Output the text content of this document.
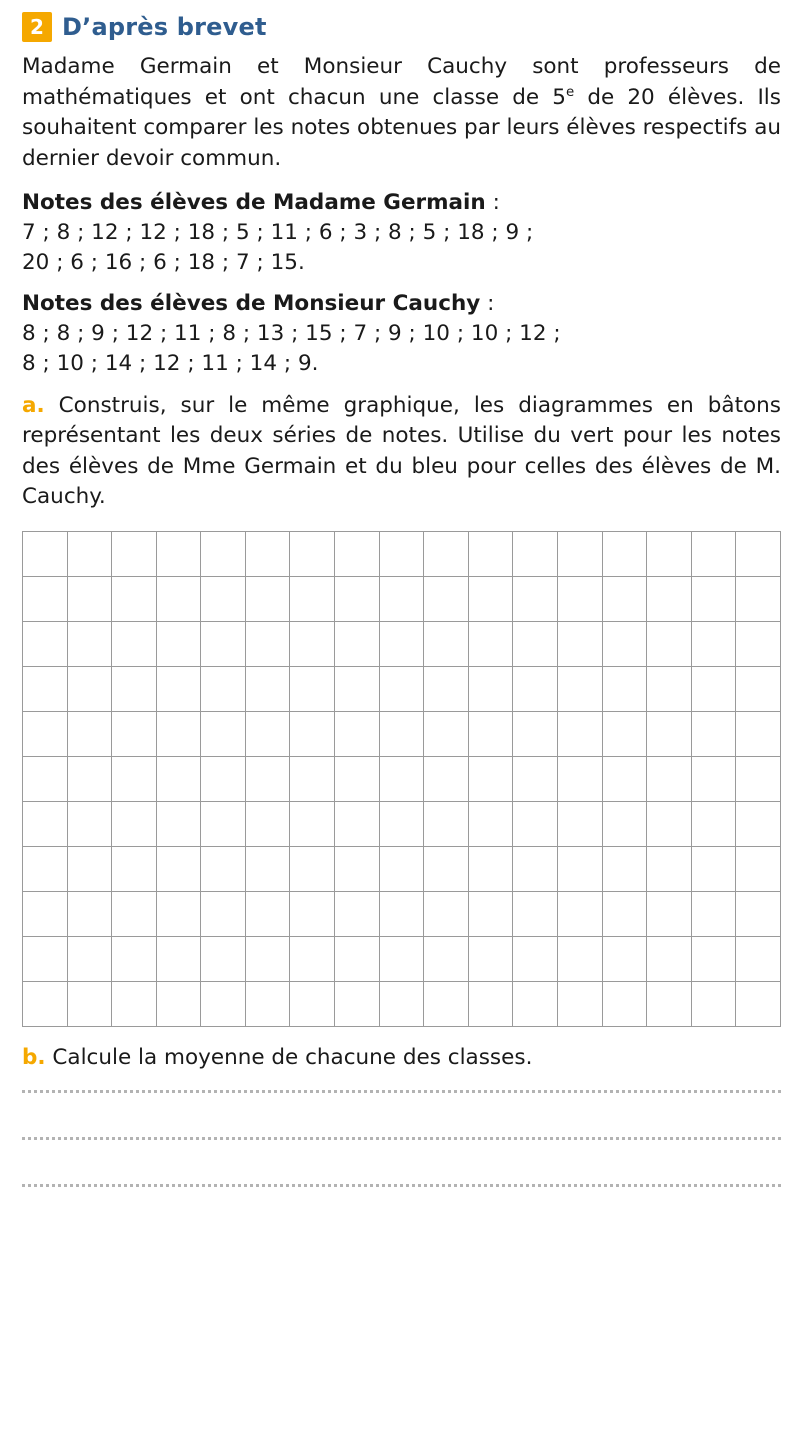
2 D’après brevet

Madame Germain et Monsieur Cauchy sont professeurs de mathématiques et ont chacun une classe de 5e de 20 élèves. Ils souhaitent comparer les notes obtenues par leurs élèves respectifs au dernier devoir commun.

Notes des élèves de Madame Germain :

7 ; 8 ; 12 ; 12 ; 18 ; 5 ; 11 ; 6 ; 3 ; 8 ; 5 ; 18 ; 9 ;
20 ; 6 ; 16 ; 6 ; 18 ; 7 ; 15.

Notes des élèves de Monsieur Cauchy :

8 ; 8 ; 9 ; 12 ; 11 ; 8 ; 13 ; 15 ; 7 ; 9 ; 10 ; 10 ; 12 ;
8 ; 10 ; 14 ; 12 ; 11 ; 14 ; 9.

a. Construis, sur le même graphique, les diagrammes en bâtons représentant les deux séries de notes. Utilise du vert pour les notes des élèves de Mme Germain et du bleu pour celles des élèves de M. Cauchy.

b. Calcule la moyenne de chacune des classes.
